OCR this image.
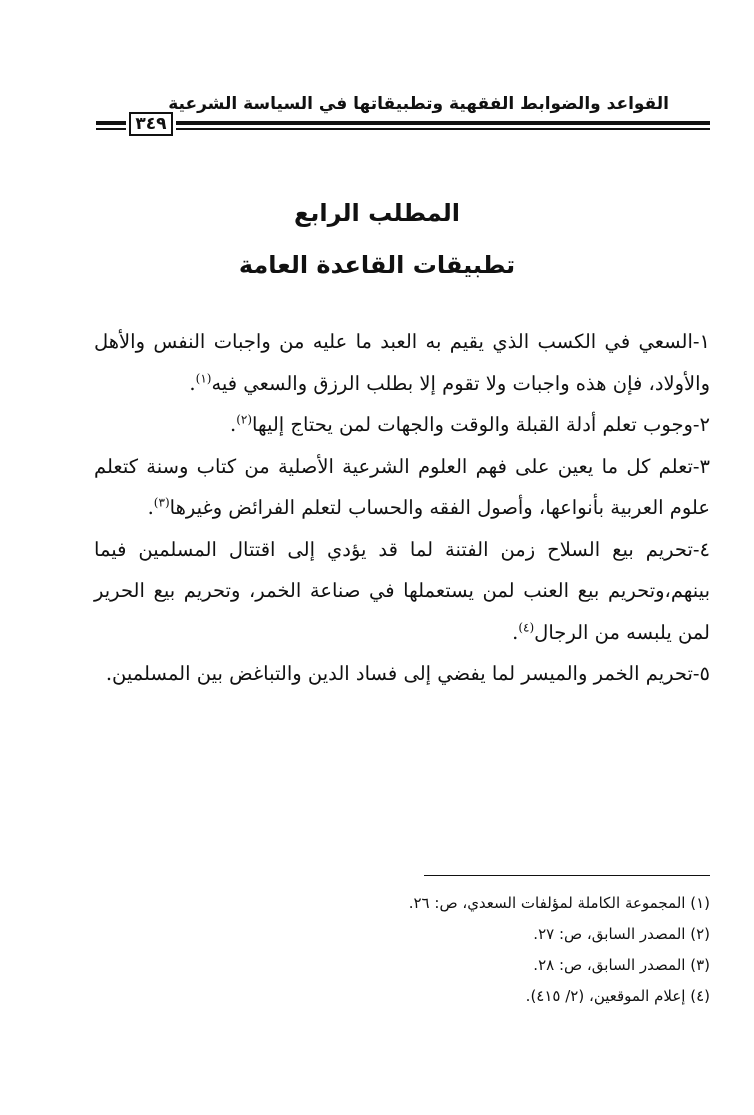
القواعد والضوابط الفقهية وتطبيقاتها في السياسة الشرعية
٣٤٩
المطلب الرابع
تطبيقات القاعدة العامة

١-السعي في الكسب الذي يقيم به العبد ما عليه من واجبات النفس والأهل والأولاد، فإن هذه واجبات ولا تقوم إلا بطلب الرزق والسعي فيه$^{(١)}$.

٢-وجوب تعلم أدلة القبلة والوقت والجهات لمن يحتاج إليها$^{(٢)}$.

٣-تعلم كل ما يعين على فهم العلوم الشرعية الأصلية من كتاب وسنة كتعلم علوم العربية بأنواعها، وأصول الفقه والحساب لتعلم الفرائض وغيرها$^{(٣)}$.

٤-تحريم بيع السلاح زمن الفتنة لما قد يؤدي إلى اقتتال المسلمين فيما بينهم،وتحريم بيع العنب لمن يستعملها في صناعة الخمر، وتحريم بيع الحرير لمن يلبسه من الرجال$^{(٤)}$.

٥-تحريم الخمر والميسر لما يفضي إلى فساد الدين والتباغض بين المسلمين.

(١) المجموعة الكاملة لمؤلفات السعدي، ص: ٢٦.
(٢) المصدر السابق، ص: ٢٧.
(٣) المصدر السابق، ص: ٢٨.
(٤) إعلام الموقعين، (٢/ ٤١٥).
